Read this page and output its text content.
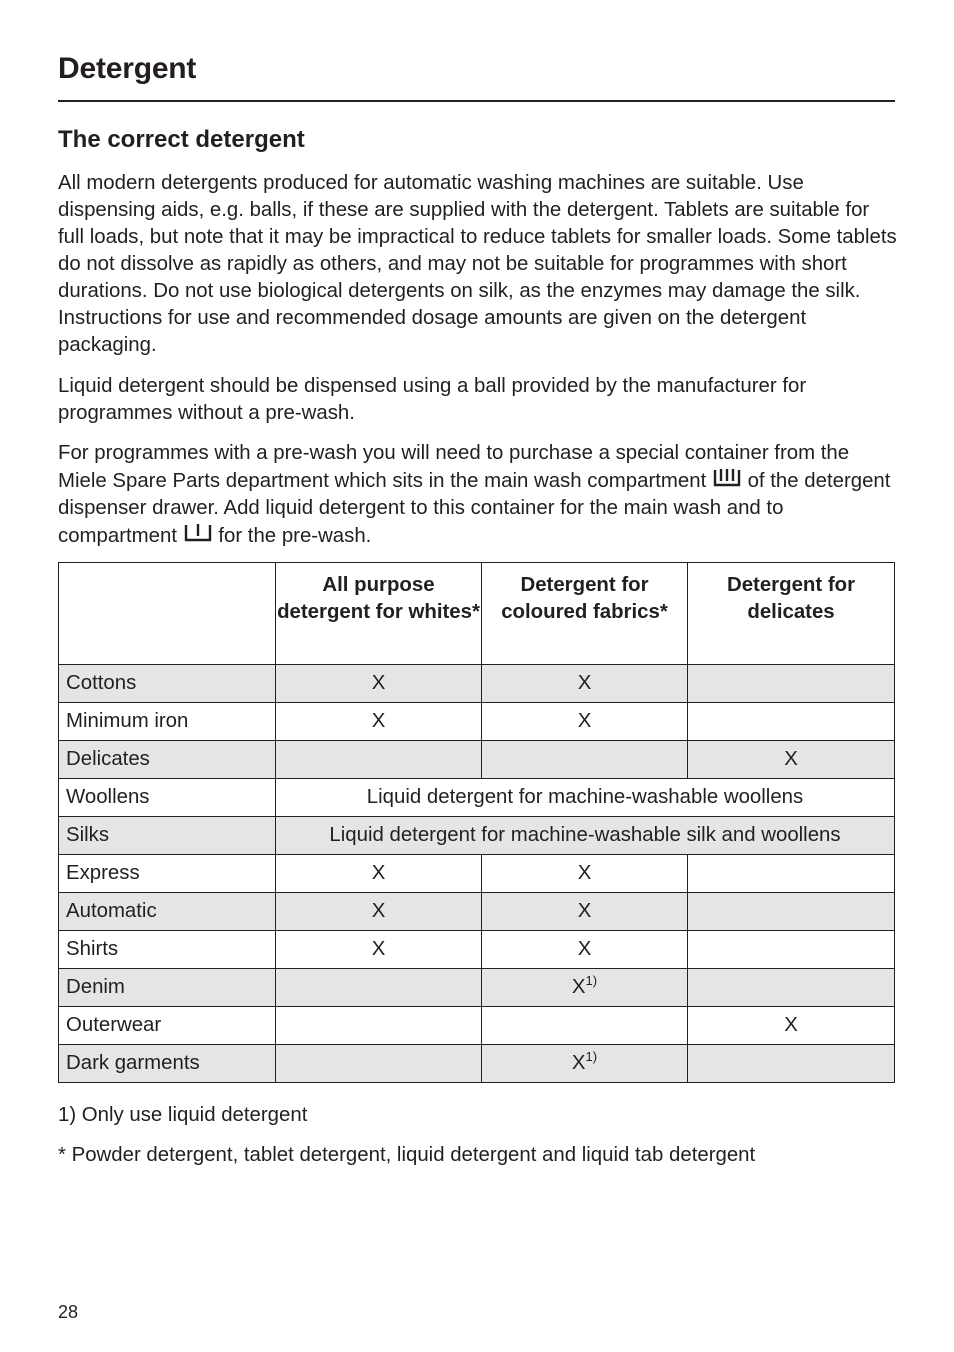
Detergent
The correct detergent

All modern detergents produced for automatic washing machines are suitable. Use dispensing aids, e.g. balls, if these are supplied with the detergent. Tablets are suitable for full loads, but note that it may be impractical to reduce tablets for smaller loads. Some tablets do not dissolve as rapidly as others, and may not be suitable for programmes with short durations. Do not use biological detergents on silk, as the enzymes may damage the silk. Instructions for use and recommended dosage amounts are given on the detergent packaging.

Liquid detergent should be dispensed using a ball provided by the manufacturer for programmes without a pre-wash.

For programmes with a pre-wash you will need to purchase a special container from the Miele Spare Parts department which sits in the main wash compartment of the detergent dispenser drawer. Add liquid detergent to this container for the main wash and to compartment for the pre-wash.

	All purpose detergent for whites*	Detergent for coloured fabrics*	Detergent for delicates
Cottons	X	X	
Minimum iron	X	X	
Delicates			X
Woollens	Liquid detergent for machine-washable woollens		
Silks	Liquid detergent for machine-washable silk and woollens		
Express	X	X	
Automatic	X	X	
Shirts	X	X	
Denim		$X^{1)}$	
Outerwear			X
Dark garments		$X^{1)}$	

1) Only use liquid detergent

* Powder detergent, tablet detergent, liquid detergent and liquid tab detergent

28
